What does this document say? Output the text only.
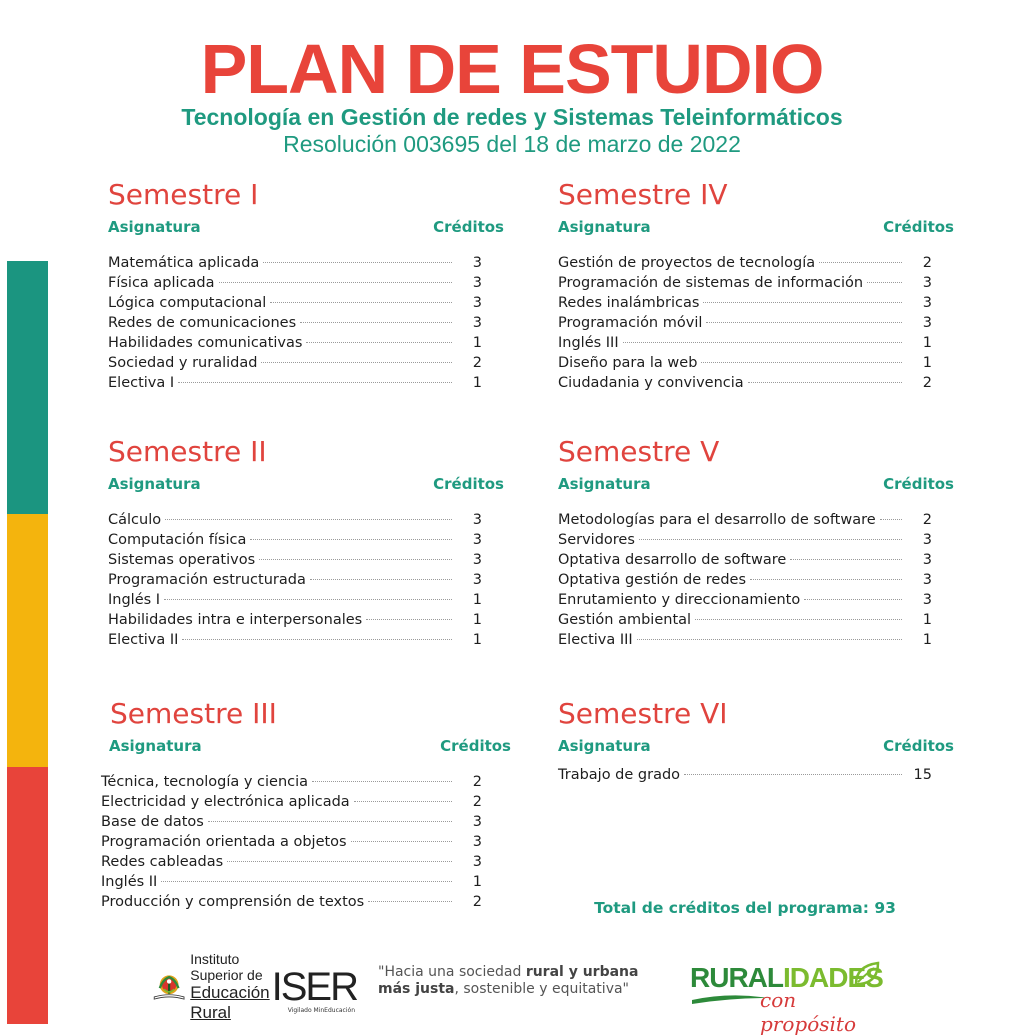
PLAN DE ESTUDIO
Tecnología en Gestión de redes y Sistemas Teleinformáticos
Resolución 003695 del 18 de marzo de 2022
Semestre I
Asignatura	Créditos
Matemática aplicada	3
Física aplicada	3
Lógica computacional	3
Redes de comunicaciones	3
Habilidades comunicativas	1
Sociedad y ruralidad	2
Electiva I	1
Semestre II
Asignatura	Créditos
Cálculo	3
Computación física	3
Sistemas operativos	3
Programación estructurada	3
Inglés I	1
Habilidades intra e interpersonales	1
Electiva II	1
Semestre III
Asignatura	Créditos
Técnica, tecnología y ciencia	2
Electricidad y electrónica aplicada	2
Base de datos	3
Programación orientada a objetos	3
Redes cableadas	3
Inglés II	1
Producción y comprensión de textos	2
Semestre IV
Asignatura	Créditos
Gestión de proyectos de tecnología	2
Programación de sistemas de información	3
Redes inalámbricas	3
Programación móvil	3
Inglés III	1
Diseño para la web	1
Ciudadania y convivencia	2
Semestre V
Asignatura	Créditos
Metodologías para el desarrollo de software	2
Servidores	3
Optativa desarrollo de software	3
Optativa gestión de redes	3
Enrutamiento y direccionamiento	3
Gestión ambiental	1
Electiva III	1
Semestre VI
Asignatura	Créditos
Trabajo de grado	15
Total de créditos del programa: 93
Instituto Superior de
Educación Rural
ISER
Vigilado MinEducación
"Hacia una sociedad rural y urbana
más justa, sostenible y equitativa"	RURALIDADES
con propósito
